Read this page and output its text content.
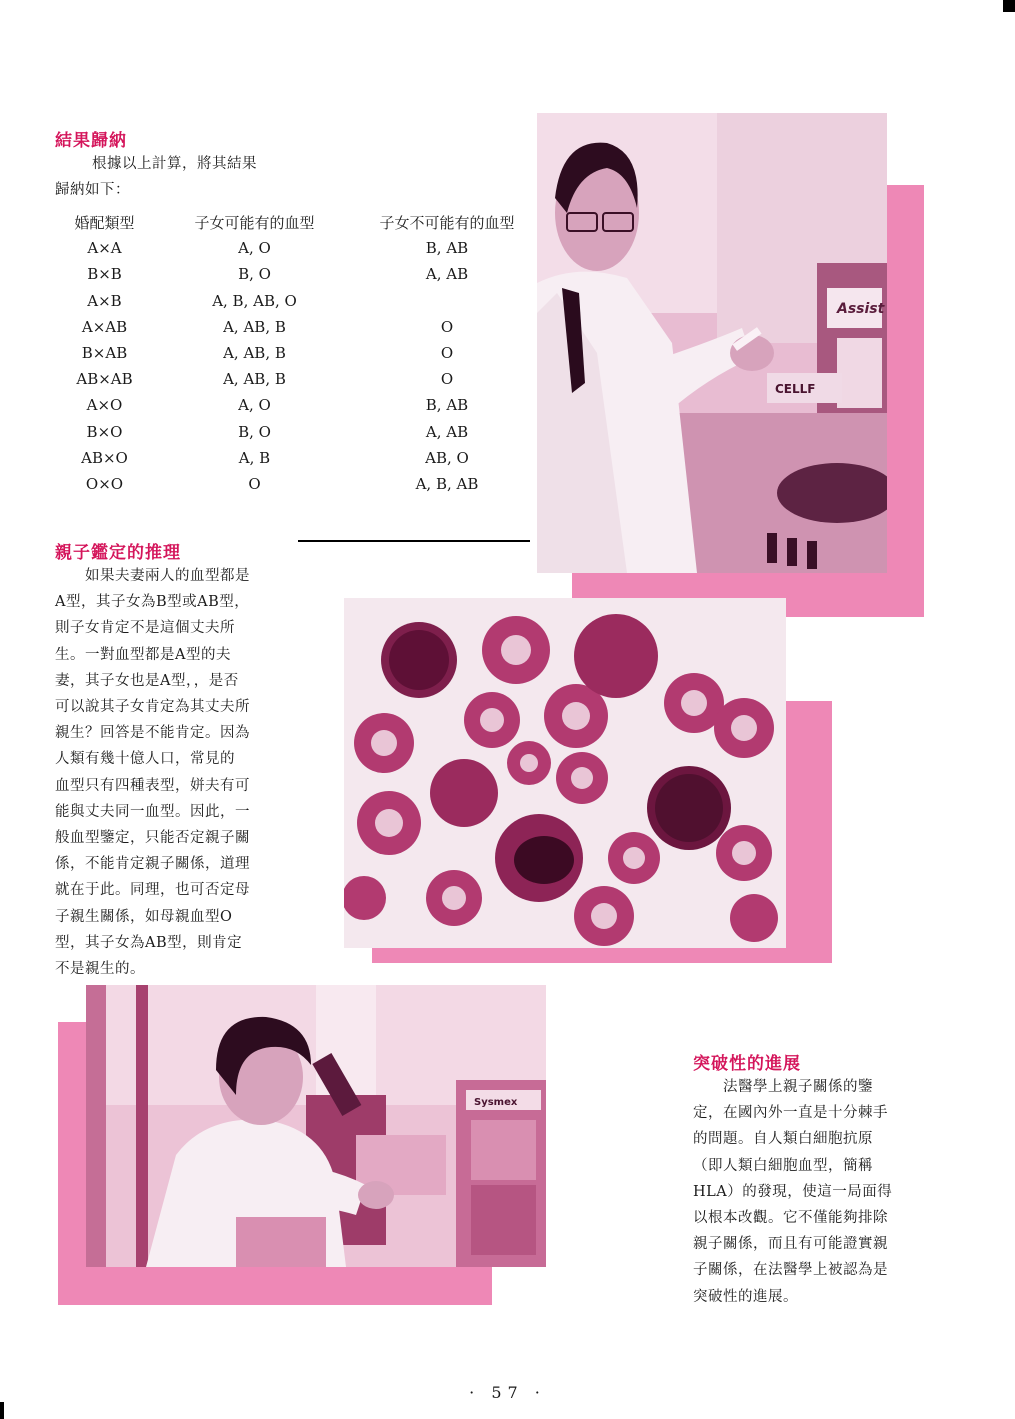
結果歸納
根據以上計算，將其結果
歸納如下：
婚配類型	子女可能有的血型	子女不可能有的血型
A×A	A, O	B, AB
B×B	B, O	A, AB
A×B	A, B, AB, O
A×AB	A, AB, B	O
B×AB	A, AB, B	O
AB×AB	A, AB, B	O
A×O	A, O	B, AB
B×O	B, O	A, AB
AB×O	A, B	AB, O
O×O	O	A, B, AB
親子鑑定的推理
　　如果夫妻兩人的血型都是
A型，其子女為B型或AB型，
則子女肯定不是這個丈夫所
生。一對血型都是A型的夫
妻，其子女也是A型，，是否
可以說其子女肯定為其丈夫所
親生？回答是不能肯定。因為
人類有幾十億人口，常見的
血型只有四種表型，姘夫有可
能與丈夫同一血型。因此，一
般血型鑒定，只能否定親子關
係，不能肯定親子關係，道理
就在于此。同理，也可否定母
子親生關係，如母親血型O
型，其子女為AB型，則肯定
不是親生的。
Assist
CELLF
Sysmex
突破性的進展
　　法醫學上親子關係的鑒
定，在國內外一直是十分棘手
的問題。自人類白細胞抗原
（即人類白細胞血型，簡稱
HLA）的發現，使這一局面得
以根本改觀。它不僅能夠排除
親子關係，而且有可能證實親
子關係，在法醫學上被認為是
突破性的進展。
· 57 ·
